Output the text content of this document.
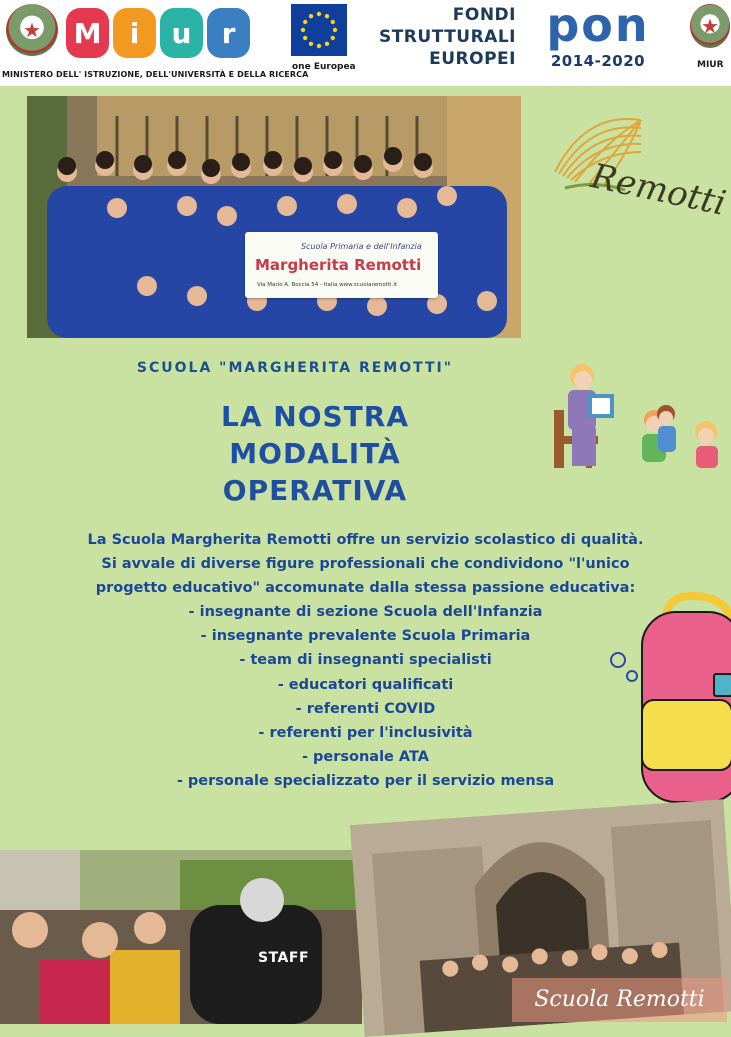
★ M	i	u	r
MINISTERO DELL' ISTRUZIONE, DELL'UNIVERSITÀ E DELLA RICERCA
one Europea
FONDI
STRUTTURALI
EUROPEI
pon
2014-2020
★
MIUR
Scuola Primaria e dell'Infanzia
Margherita Remotti
Via Mario A. Boccia 54 - Italia www.scuolaremotti.it
Remotti
SCUOLA "MARGHERITA REMOTTI"
LA NOSTRA
MODALITÀ
OPERATIVA
La Scuola Margherita Remotti offre un servizio scolastico di qualità.
Si avvale di diverse figure professionali che condividono "l'unico
progetto educativo" accomunate dalla stessa passione educativa:
- insegnante di sezione Scuola dell'Infanzia
- insegnante prevalente Scuola Primaria
- team di insegnanti specialisti
- educatori qualificati
- referenti COVID
- referenti per l'inclusività
- personale ATA
- personale specializzato per il servizio mensa
STAFF
Scuola Remotti
